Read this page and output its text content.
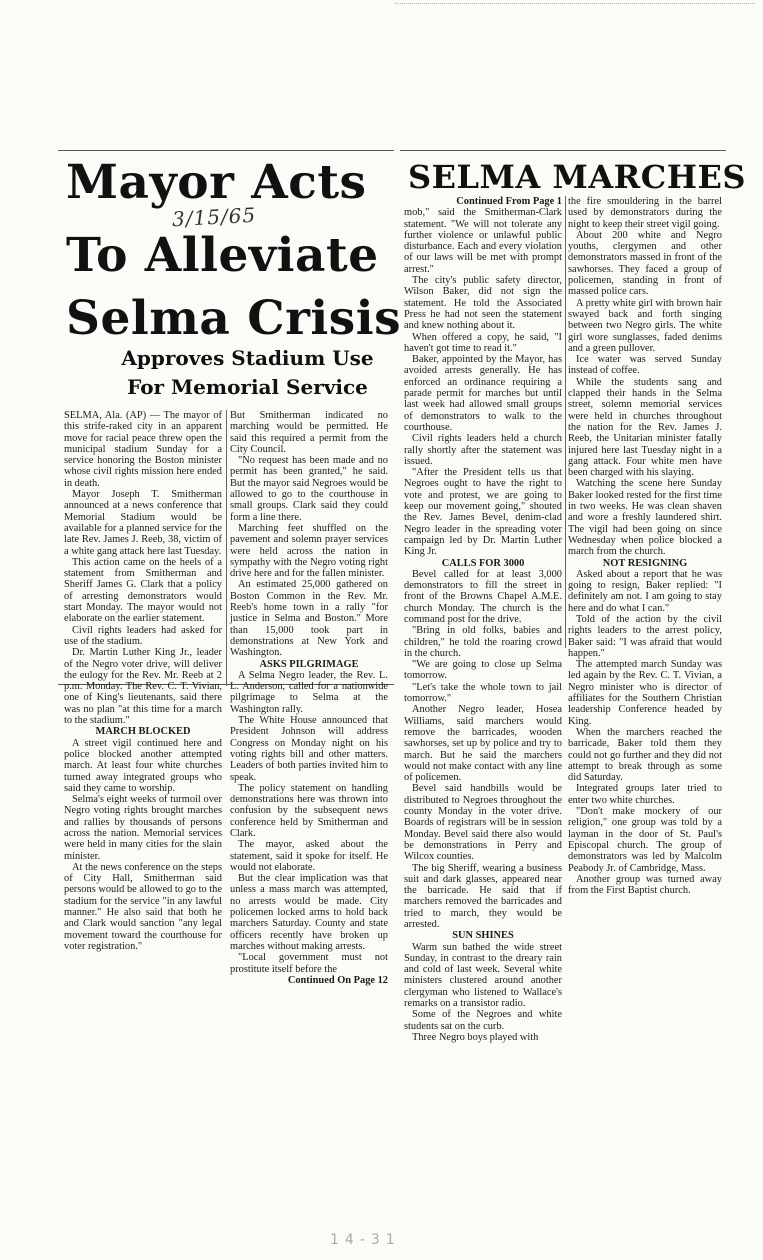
Mayor Acts
To Alleviate
Selma Crisis
3/15/65
Approves Stadium Use
For Memorial Service

SELMA, Ala. (AP) — The mayor of this strife-raked city in an apparent move for racial peace threw open the municipal stadium Sunday for a service honoring the Boston minister whose civil rights mission here ended in death.

Mayor Joseph T. Smitherman announced at a news conference that Memorial Stadium would be available for a planned service for the late Rev. James J. Reeb, 38, victim of a white gang attack here last Tuesday.

This action came on the heels of a statement from Smitherman and Sheriff James G. Clark that a policy of arresting demonstrators would start Monday. The mayor would not elaborate on the earlier statement.

Civil rights leaders had asked for use of the stadium.

Dr. Martin Luther King Jr., leader of the Negro voter drive, will deliver the eulogy for the Rev. Mr. Reeb at 2 p.m. Monday. The Rev. C. T. Vivian, one of King's lieutenants, said there was no plan "at this time for a march to the stadium."

MARCH BLOCKED

A street vigil continued here and police blocked another attempted march. At least four white churches turned away integrated groups who said they came to worship.

Selma's eight weeks of turmoil over Negro voting rights brought marches and rallies by thousands of persons across the nation. Memorial services were held in many cities for the slain minister.

At the news conference on the steps of City Hall, Smitherman said persons would be allowed to go to the stadium for the service "in any lawful manner." He also said that both he and Clark would sanction "any legal movement toward the courthouse for voter registration."

But Smitherman indicated no marching would be permitted. He said this required a permit from the City Council.

"No request has been made and no permit has been granted," he said. But the mayor said Negroes would be allowed to go to the courthouse in small groups. Clark said they could form a line there.

Marching feet shuffled on the pavement and solemn prayer services were held across the nation in sympathy with the Negro voting right drive here and for the fallen minister.

An estimated 25,000 gathered on Boston Common in the Rev. Mr. Reeb's home town in a rally "for justice in Selma and Boston." More than 15,000 took part in demonstrations at New York and Washington.

ASKS PILGRIMAGE

A Selma Negro leader, the Rev. L. L. Anderson, called for a nationwide pilgrimage to Selma at the Washington rally.

The White House announced that President Johnson will address Congress on Monday night on his voting rights bill and other matters. Leaders of both parties invited him to speak.

The policy statement on handling demonstrations here was thrown into confusion by the subsequent news conference held by Smitherman and Clark.

The mayor, asked about the statement, said it spoke for itself. He would not elaborate.

But the clear implication was that unless a mass march was attempted, no arrests would be made. City policemen locked arms to hold back marchers Saturday. County and state officers recently have broken up marches without making arrests.

"Local government must not prostitute itself before the

Continued On Page 12

SELMA MARCHES

Continued From Page 1

mob," said the Smitherman-Clark statement. "We will not tolerate any further violence or unlawful public disturbance. Each and every violation of our laws will be met with prompt arrest."

The city's public safety director, Wilson Baker, did not sign the statement. He told the Associated Press he had not seen the statement and knew nothing about it.

When offered a copy, he said, "I haven't got time to read it."

Baker, appointed by the Mayor, has avoided arrests generally. He has enforced an ordinance requiring a parade permit for marches but until last week had allowed small groups of demonstrators to walk to the courthouse.

Civil rights leaders held a church rally shortly after the statement was issued.

"After the President tells us that Negroes ought to have the right to vote and protest, we are going to keep our movement going," shouted the Rev. James Bevel, denim-clad Negro leader in the spreading voter campaign led by Dr. Martin Luther King Jr.

CALLS FOR 3000

Bevel called for at least 3,000 demonstrators to fill the street in front of the Browns Chapel A.M.E. church Monday. The church is the command post for the drive.

"Bring in old folks, babies and children," he told the roaring crowd in the church.

"We are going to close up Selma tomorrow.

"Let's take the whole town to jail tomorrow."

Another Negro leader, Hosea Williams, said marchers would remove the barricades, wooden sawhorses, set up by police and try to march. But he said the marchers would not make contact with any line of policemen.

Bevel said handbills would be distributed to Negroes throughout the county Monday in the voter drive. Boards of registrars will be in session Monday. Bevel said there also would be demonstrations in Perry and Wilcox counties.

The big Sheriff, wearing a business suit and dark glasses, appeared near the barricade. He said that if marchers removed the barricades and tried to march, they would be arrested.

SUN SHINES

Warm sun bathed the wide street Sunday, in contrast to the dreary rain and cold of last week. Several white ministers clustered around another clergyman who listened to Wallace's remarks on a transistor radio.

Some of the Negroes and white students sat on the curb.

Three Negro boys played with

the fire smouldering in the barrel used by demonstrators during the night to keep their street vigil going.

About 200 white and Negro youths, clergymen and other demonstrators massed in front of the sawhorses. They faced a group of policemen, standing in front of massed police cars.

A pretty white girl with brown hair swayed back and forth singing between two Negro girls. The white girl wore sunglasses, faded denims and a green pullover.

Ice water was served Sunday instead of coffee.

While the students sang and clapped their hands in the Selma street, solemn memorial services were held in churches throughout the nation for the Rev. James J. Reeb, the Unitarian minister fatally injured here last Tuesday night in a gang attack. Four white men have been charged with his slaying.

Watching the scene here Sunday Baker looked rested for the first time in two weeks. He was clean shaven and wore a freshly laundered shirt. The vigil had been going on since Wednesday when police blocked a march from the church.

NOT RESIGNING

Asked about a report that he was going to resign, Baker replied: "I definitely am not. I am going to stay here and do what I can."

Told of the action by the civil rights leaders to the arrest policy, Baker said: "I was afraid that would happen."

The attempted march Sunday was led again by the Rev. C. T. Vivian, a Negro minister who is director of affiliates for the Southern Christian leadership Conference headed by King.

When the marchers reached the barricade, Baker told them they could not go further and they did not attempt to break through as some did Saturday.

Integrated groups later tried to enter two white churches.

"Don't make mockery of our religion," one group was told by a layman in the door of St. Paul's Episcopal church. The group of demonstrators was led by Malcolm Peabody Jr. of Cambridge, Mass.

Another group was turned away from the First Baptist church.

14-31
